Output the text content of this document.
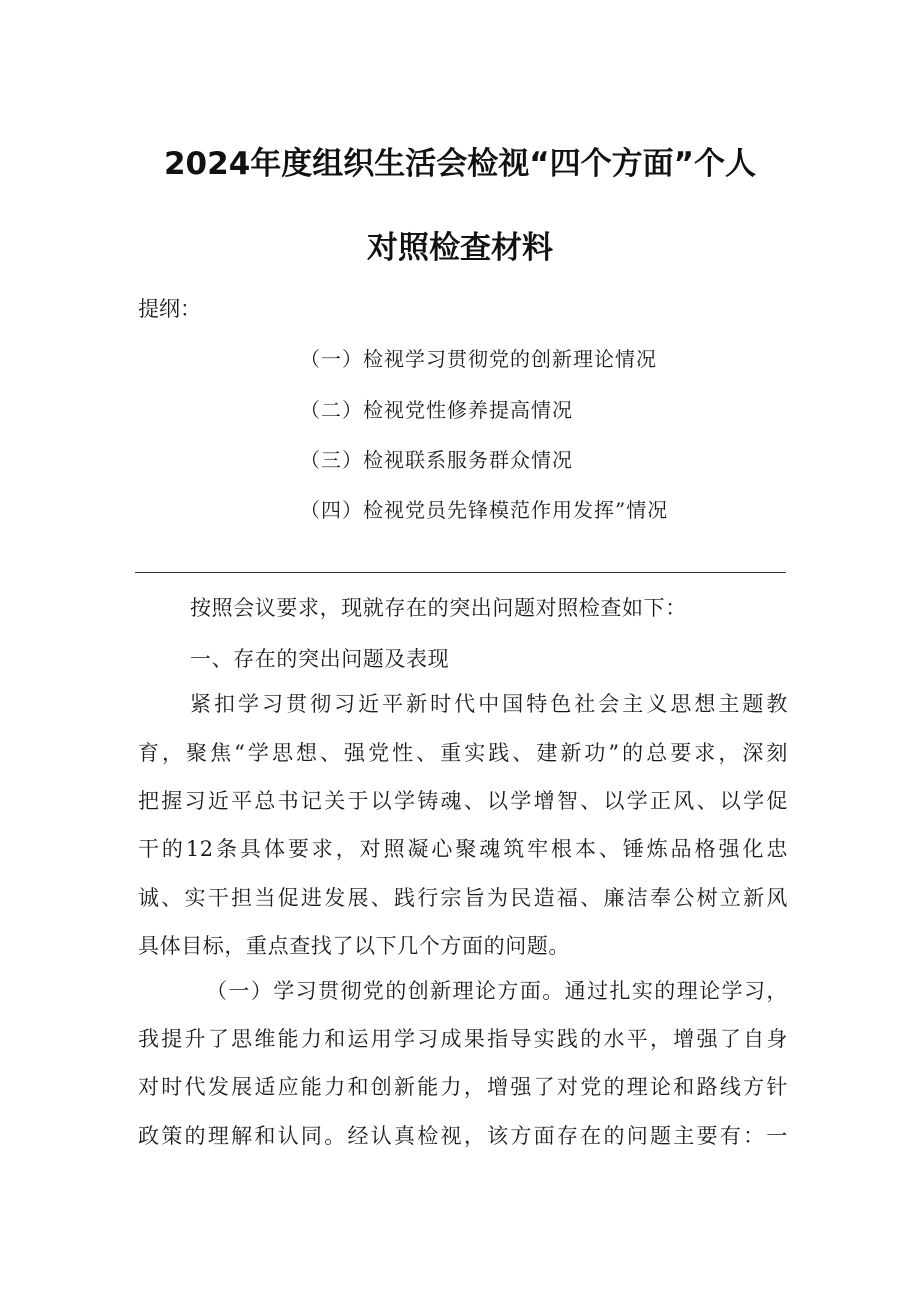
2024年度组织生活会检视“四个方面”个人
对照检查材料
提纲：
（一）检视学习贯彻党的创新理论情况
（二）检视党性修养提高情况
（三）检视联系服务群众情况
（四）检视党员先锋模范作用发挥”情况
按照会议要求，现就存在的突出问题对照检查如下：
一、存在的突出问题及表现
紧扣学习贯彻习近平新时代中国特色社会主义思想主题教
育，聚焦“学思想、强党性、重实践、建新功”的总要求，深刻
把握习近平总书记关于以学铸魂、以学增智、以学正风、以学促
干的12条具体要求，对照凝心聚魂筑牢根本、锤炼品格强化忠
诚、实干担当促进发展、践行宗旨为民造福、廉洁奉公树立新风
具体目标，重点查找了以下几个方面的问题。
（一）学习贯彻党的创新理论方面。通过扎实的理论学习，
我提升了思维能力和运用学习成果指导实践的水平，增强了自身
对时代发展适应能力和创新能力，增强了对党的理论和路线方针
政策的理解和认同。经认真检视，该方面存在的问题主要有：一
